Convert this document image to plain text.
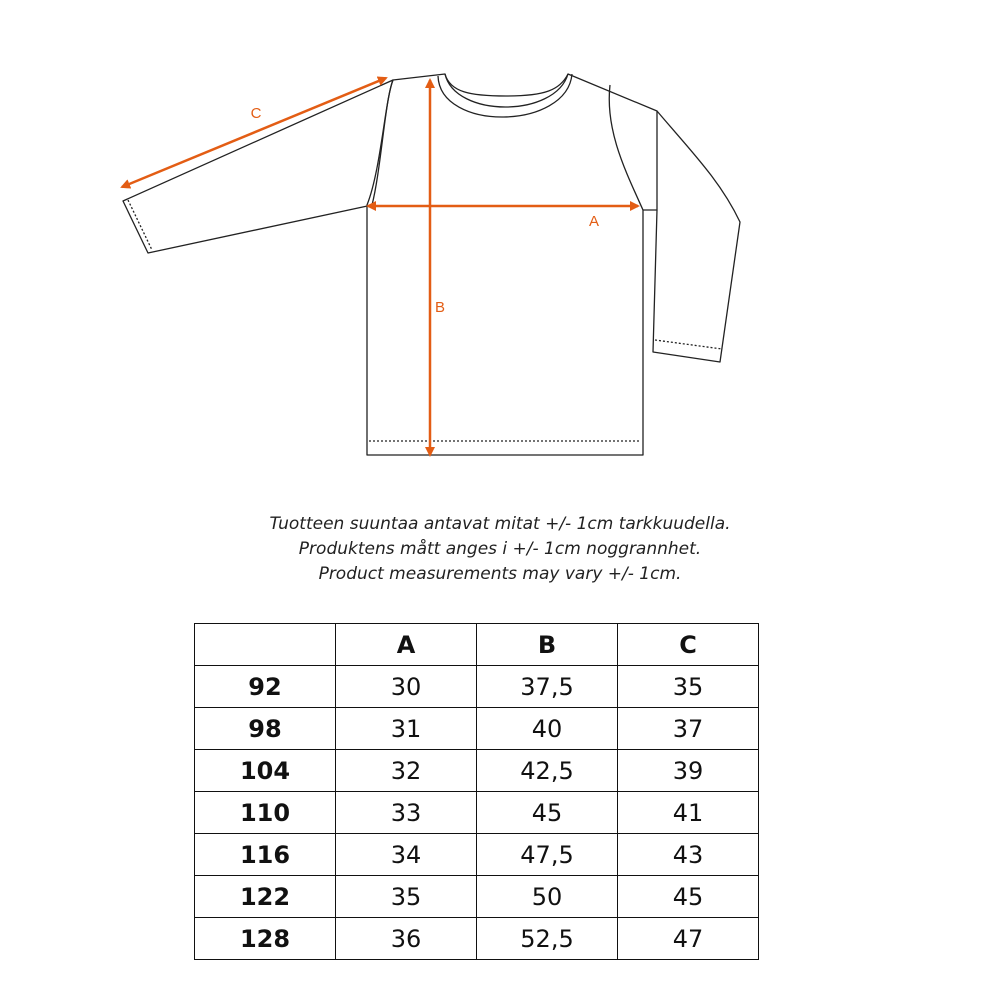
C
A
B
Tuotteen suuntaa antavat mitat +/- 1cm tarkkuudella.
Produktens mått anges i +/- 1cm noggrannhet.
Product measurements may vary +/- 1cm.
	A	B	C
92	30	37,5	35
98	31	40	37
104	32	42,5	39
110	33	45	41
116	34	47,5	43
122	35	50	45
128	36	52,5	47
